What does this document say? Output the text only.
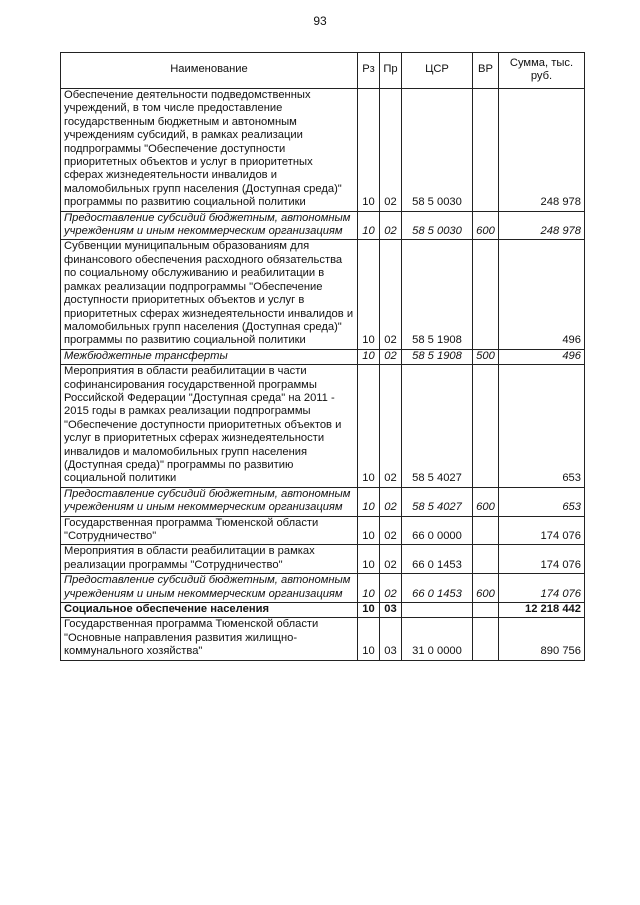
93
Наименование	Рз	Пр	ЦСР	ВР	Сумма, тыс. руб.
Обеспечение деятельности подведомственных учреждений, в том числе предоставление государственным бюджетным и автономным учреждениям субсидий, в рамках реализации подпрограммы "Обеспечение доступности приоритетных объектов и услуг в приоритетных сферах жизнедеятельности инвалидов и маломобильных групп населения (Доступная среда)" программы по развитию социальной политики	10	02	58 5 0030		248 978
Предоставление субсидий бюджетным, автономным учреждениям и иным некоммерческим организациям	10	02	58 5 0030	600	248 978
Субвенции муниципальным образованиям для финансового обеспечения расходного обязательства по социальному обслуживанию и реабилитации в рамках реализации подпрограммы "Обеспечение доступности приоритетных объектов и услуг в приоритетных сферах жизнедеятельности инвалидов и маломобильных групп населения (Доступная среда)" программы по развитию социальной политики	10	02	58 5 1908		496
Межбюджетные трансферты	10	02	58 5 1908	500	496
Мероприятия в области реабилитации в части софинансирования государственной программы Российской Федерации "Доступная среда" на 2011 - 2015 годы в рамках реализации подпрограммы "Обеспечение доступности приоритетных объектов и услуг в приоритетных сферах жизнедеятельности инвалидов и маломобильных групп населения (Доступная среда)" программы по развитию социальной политики	10	02	58 5 4027		653
Предоставление субсидий бюджетным, автономным учреждениям и иным некоммерческим организациям	10	02	58 5 4027	600	653
Государственная программа Тюменской области "Сотрудничество"	10	02	66 0 0000		174 076
Мероприятия в области реабилитации в рамках реализации программы "Сотрудничество"	10	02	66 0 1453		174 076
Предоставление субсидий бюджетным, автономным учреждениям и иным некоммерческим организациям	10	02	66 0 1453	600	174 076
Социальное обеспечение населения	10	03			12 218 442
Государственная программа Тюменской области "Основные направления развития жилищно-коммунального хозяйства"	10	03	31 0 0000		890 756
